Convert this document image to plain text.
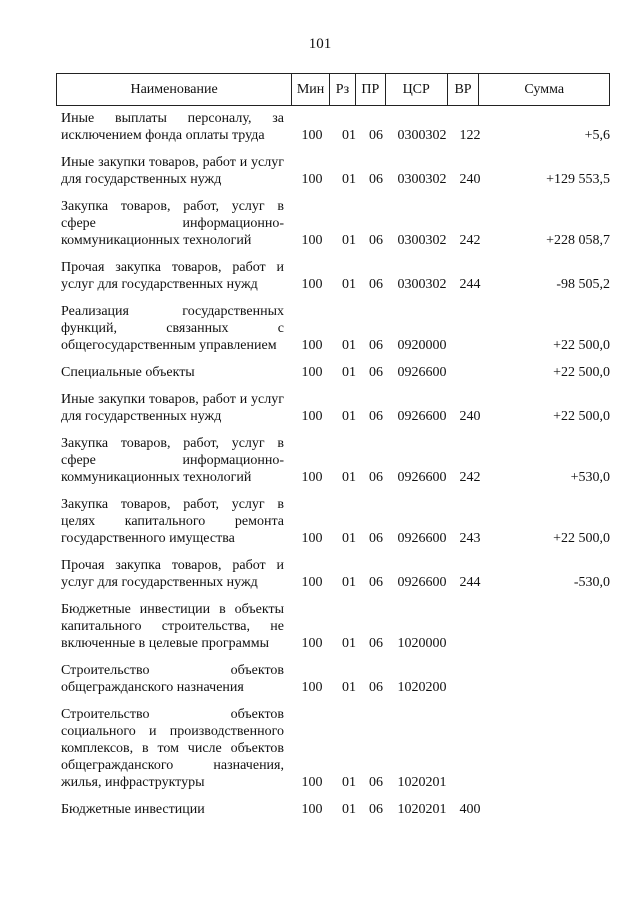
101
Наименование	Мин Рз ПР	ЦСР	ВР	Сумма
Иные выплаты персоналу, за исключением фонда оплаты труда	100	01 06	0300302 122	+5,6
Иные закупки товаров, работ и услуг для государственных нужд	100	01 06	0300302 240	+129 553,5
Закупка товаров, работ, услуг в сфере информационно-коммуникационных технологий	100	01 06	0300302 242	+228 058,7
Прочая закупка товаров, работ и услуг для государственных нужд	100	01 06	0300302 244	-98 505,2
Реализация государственных функций, связанных с общегосударственным управлением	100	01 06	0920000	+22 500,0
Специальные объекты	100	01 06	0926600	+22 500,0
Иные закупки товаров, работ и услуг для государственных нужд	100	01 06	0926600 240	+22 500,0
Закупка товаров, работ, услуг в сфере информационно-коммуникационных технологий	100	01 06	0926600 242	+530,0
Закупка товаров, работ, услуг в целях капитального ремонта государственного имущества	100	01 06	0926600 243	+22 500,0
Прочая закупка товаров, работ и услуг для государственных нужд	100	01 06	0926600 244	-530,0
Бюджетные инвестиции в объекты капитального строительства, не включенные в целевые программы	100	01 06	1020000
Строительство объектов общегражданского назначения	100	01 06	1020200
Строительство объектов социального и производственного комплексов, в том числе объектов общегражданского назначения, жилья, инфраструктуры	100	01 06	1020201
Бюджетные инвестиции	100	01 06	1020201 400
